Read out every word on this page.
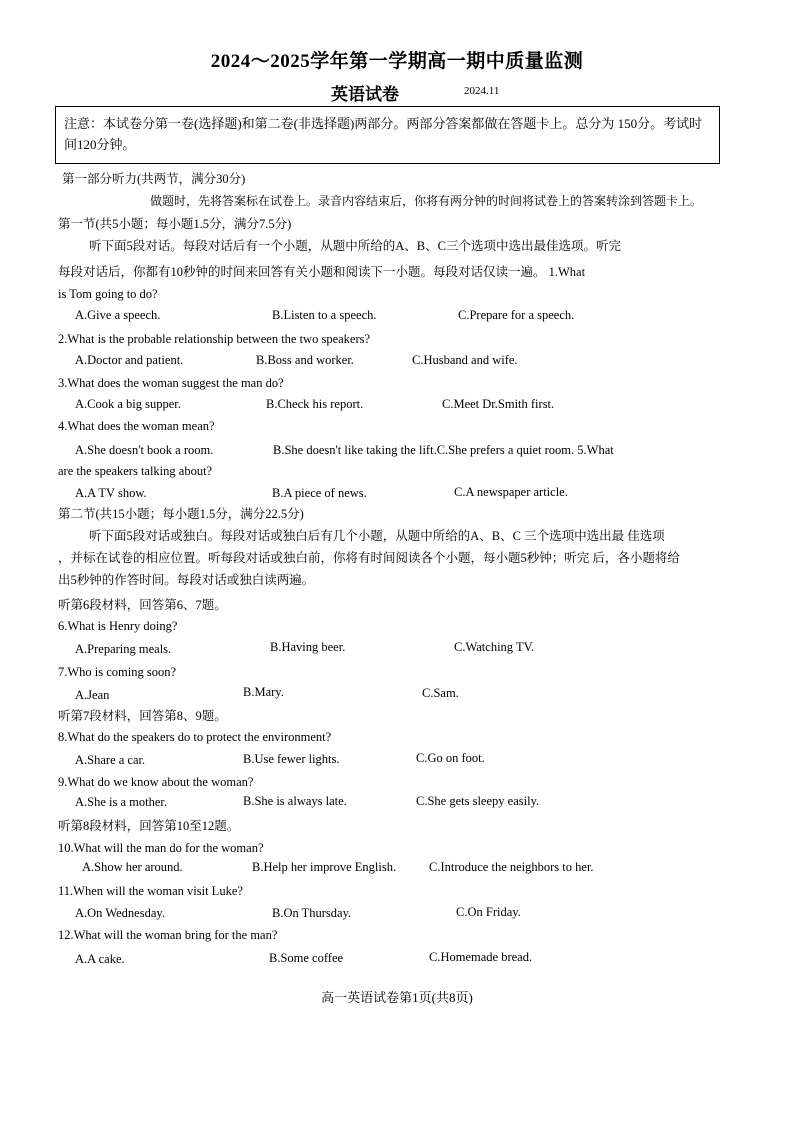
2024～2025学年第一学期高一期中质量监测
英语试卷	2024.11
注意：本试卷分第一卷(选择题)和第二卷(非选择题)两部分。两部分答案都做在答题卡上。总分为 150分。考试时间120分钟。
第一部分听力(共两节，满分30分)
做题时，先将答案标在试卷上。录音内容结束后，你将有两分钟的时间将试卷上的答案转涂到答题卡上。
第一节(共5小题；每小题1.5分，满分7.5分)
听下面5段对话。每段对话后有一个小题，从题中所给的A、B、C三个选项中选出最佳选项。听完
每段对话后，你都有10秒钟的时间来回答有关小题和阅读下一小题。每段对话仅读一遍。 1.What
is Tom going to do?
A.Give a speech.	B.Listen to a speech.	C.Prepare for a speech.
2.What is the probable relationship between the two speakers?
A.Doctor and patient.	B.Boss and worker.	C.Husband and wife.
3.What does the woman suggest the man do?
A.Cook a big supper.	B.Check his report.	C.Meet Dr.Smith first.
4.What does the woman mean?
A.She doesn't book a room.	B.She doesn't like taking the lift.C.She prefers a quiet room. 5.What
are the speakers talking about?
A.A TV show.	B.A piece of news.	C.A newspaper article.
第二节(共15小题；每小题1.5分，满分22.5分)
听下面5段对话或独白。每段对话或独白后有几个小题，从题中所给的A、B、C 三个选项中选出最 佳选项
，并标在试卷的相应位置。听每段对话或独白前，你将有时间阅读各个小题，每小题5秒钟；听完 后，各小题将给
出5秒钟的作答时间。每段对话或独白读两遍。
听第6段材料，回答第6、7题。
6.What is Henry doing?
A.Preparing meals.	B.Having beer.	C.Watching TV.
7.Who is coming soon?
A.Jean	B.Mary.	C.Sam.
听第7段材料，回答第8、9题。
8.What do the speakers do to protect the environment?
A.Share a car.	B.Use fewer lights.	C.Go on foot.
9.What do we know about the woman?
A.She is a mother.	B.She is always late.	C.She gets sleepy easily.
听第8段材料，回答第10至12题。
10.What will the man do for the woman?
A.Show her around.	B.Help her improve English.	C.Introduce the neighbors to her.
11.When will the woman visit Luke?
A.On Wednesday.	B.On Thursday.	C.On Friday.
12.What will the woman bring for the man?
A.A cake.	B.Some coffee	C.Homemade bread.
高一英语试卷第1页(共8页)
